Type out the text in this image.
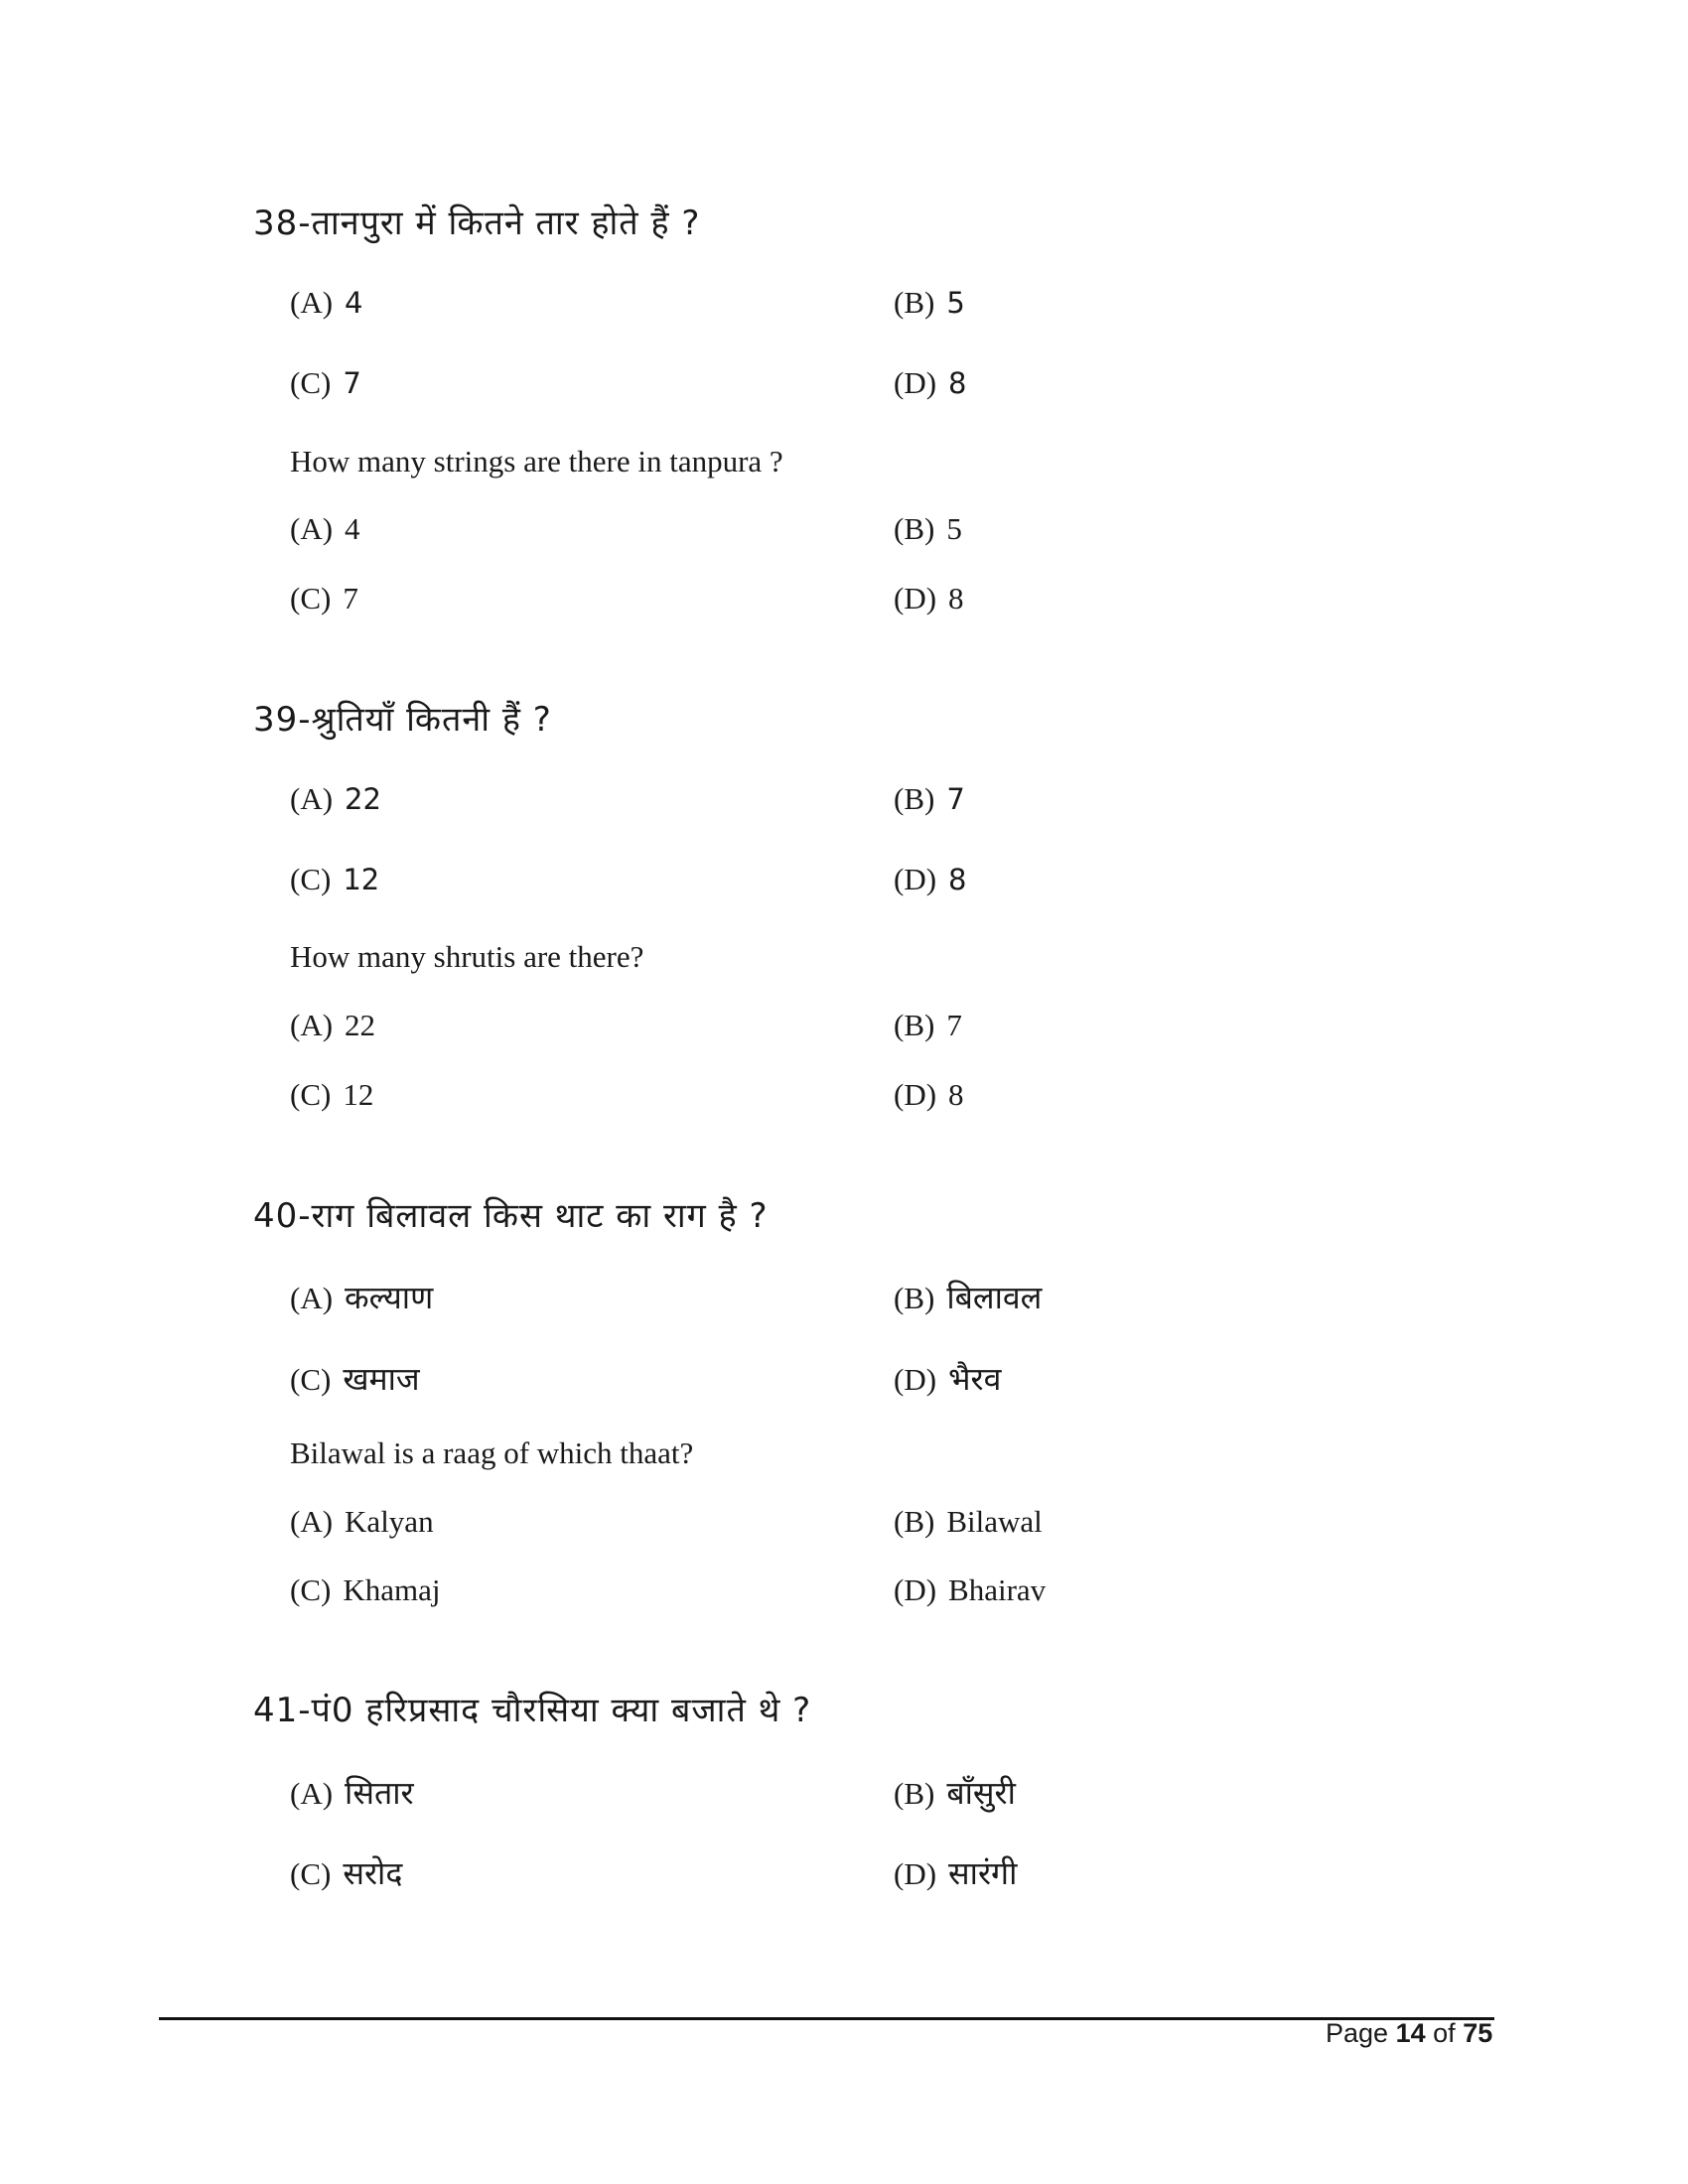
38-तानपुरा में कितने तार होते हैं ?
(A) 4	(B) 5
(C) 7	(D) 8
How many strings are there in tanpura ?
(A) 4	(B) 5
(C) 7	(D) 8
39-श्रुतियाँ कितनी हैं ?
(A) 22	(B) 7
(C) 12	(D) 8
How many shrutis are there?
(A) 22	(B) 7
(C) 12	(D) 8
40-राग बिलावल किस थाट का राग है ?
(A) कल्याण	(B) बिलावल
(C) खमाज	(D) भैरव
Bilawal is a raag of which thaat?
(A) Kalyan	(B) Bilawal
(C) Khamaj	(D) Bhairav
41-पं0 हरिप्रसाद चौरसिया क्या बजाते थे ?
(A) सितार	(B) बाँसुरी
(C) सरोद	(D) सारंगी
Page 14 of 75
